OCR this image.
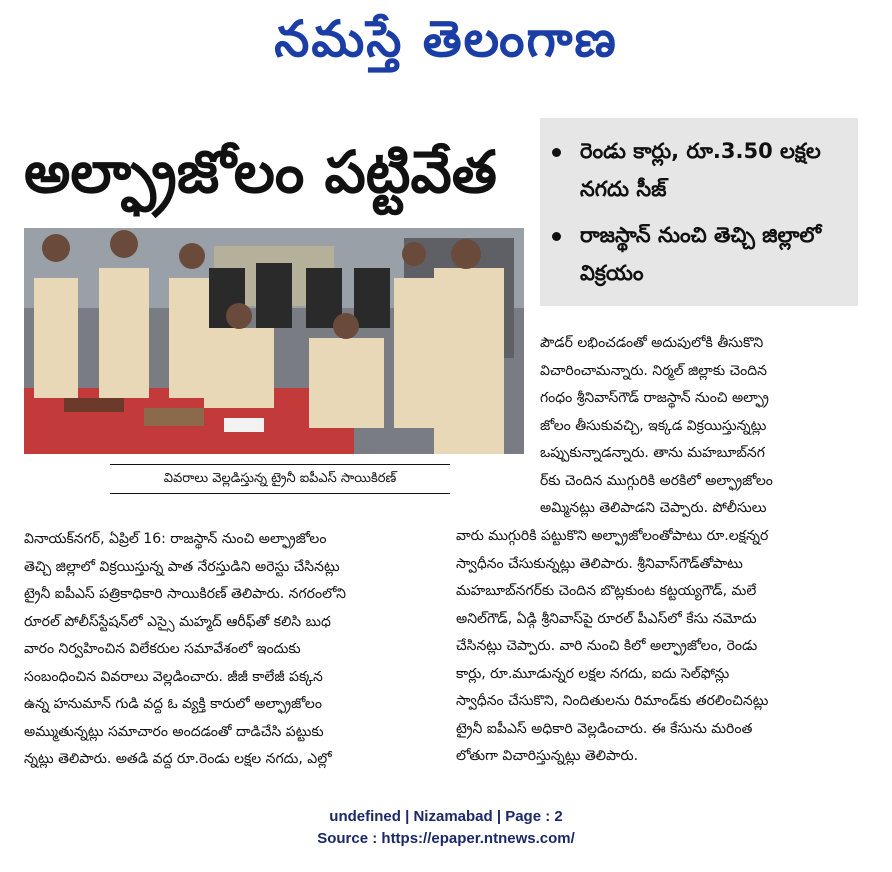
నమస్తే తెలంగాణ
అల్ఫ్రాజోలం పట్టివేత	రెండు కార్లు, రూ.3.50 లక్షల నగదు సీజ్
రాజస్థాన్ నుంచి తెచ్చి జిల్లాలో విక్రయం
వివరాలు వెల్లడిస్తున్న ట్రైనీ ఐపీఎస్ సాయికిరణ్
పౌడర్ లభించడంతో అదుపులోకి తీసుకొని
విచారించామన్నారు. నిర్మల్ జిల్లాకు చెందిన
గంధం శ్రీనివాస్‌గౌడ్ రాజస్థాన్ నుంచి అల్ఫ్రా
జోలం తీసుకువచ్చి, ఇక్కడ విక్రయిస్తున్నట్లు
ఒప్పుకున్నాడన్నారు. తాను మహబూబ్‌నగ
ర్‌కు చెందిన ముగ్గురికి అరకిలో అల్ఫ్రాజోలం
అమ్మినట్లు తెలిపాడని చెప్పారు. పోలీసులు
వారు ముగ్గురికి పట్టుకొని అల్ఫ్రాజోలంతోపాటు రూ.లక్షన్నర
స్వాధీనం చేసుకున్నట్లు తెలిపారు. శ్రీనివాస్‌గౌడ్‌తోపాటు
మహబూబ్‌నగర్‌కు చెందిన బొట్లకుంట కట్టయ్యగౌడ్, మలే
అనిల్‌గౌడ్, ఏడ్గి శ్రీనివాస్‌పై రూరల్ పీఎస్‌లో కేసు నమోదు
చేసినట్లు చెప్పారు. వారి నుంచి కిలో అల్ఫ్రాజోలం, రెండు
కార్లు, రూ.మూడున్నర లక్షల నగదు, ఐదు సెల్‌ఫోన్లు
స్వాధీనం చేసుకొని, నిందితులను రిమాండ్‌కు తరలించినట్లు
ట్రైనీ ఐపీఎస్ అధికారి వెల్లడించారు. ఈ కేసును మరింత
లోతుగా విచారిస్తున్నట్లు తెలిపారు.
వినాయక్‌నగర్, ఏప్రిల్ 16: రాజస్థాన్ నుంచి అల్ఫ్రాజోలం
తెచ్చి జిల్లాలో విక్రయిస్తున్న పాత నేరస్తుడిని అరెస్టు చేసినట్లు
ట్రైనీ ఐపీఎస్ పత్రికాధికారి సాయికిరణ్ తెలిపారు. నగరంలోని
రూరల్ పోలీస్‌స్టేషన్‌లో ఎస్సై మహ్మద్ ఆరీఫ్‌తో కలిసి బుధ
వారం నిర్వహించిన విలేకరుల సమావేశంలో ఇందుకు
సంబంధించిన వివరాలు వెల్లడించారు. జీజీ కాలేజీ పక్కన
ఉన్న హనుమాన్ గుడి వద్ద ఓ వ్యక్తి కారులో అల్ఫ్రాజోలం
అమ్ముతున్నట్లు సమాచారం అందడంతో దాడిచేసి పట్టుకు
న్నట్లు తెలిపారు. అతడి వద్ద రూ.రెండు లక్షల నగదు, ఎల్లో
undefined | Nizamabad | Page : 2
Source : https://epaper.ntnews.com/
